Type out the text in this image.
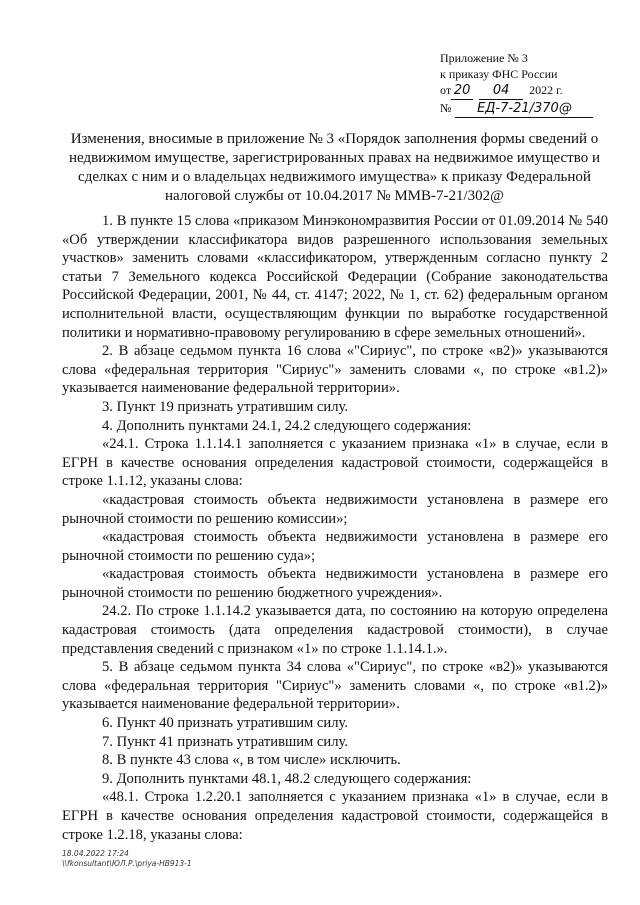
Приложение № 3
к приказу ФНС России
от 20 04 2022 г.
№ ЕД-7-21/370@
Изменения, вносимые в приложение № 3 «Порядок заполнения формы сведений о недвижимом имуществе, зарегистрированных правах на недвижимое имущество и сделках с ним и о владельцах недвижимого имущества» к приказу Федеральной налоговой службы от 10.04.2017 № ММВ-7-21/302@

1. В пункте 15 слова «приказом Минэкономразвития России от 01.09.2014 № 540 «Об утверждении классификатора видов разрешенного использования земельных участков» заменить словами «классификатором, утвержденным согласно пункту 2 статьи 7 Земельного кодекса Российской Федерации (Собрание законодательства Российской Федерации, 2001, № 44, ст. 4147; 2022, № 1, ст. 62) федеральным органом исполнительной власти, осуществляющим функции по выработке государственной политики и нормативно-правовому регулированию в сфере земельных отношений».

2. В абзаце седьмом пункта 16 слова «"Сириус", по строке «в2)» указываются слова «федеральная территория "Сириус"» заменить словами «, по строке «в1.2)» указывается наименование федеральной территории».

3. Пункт 19 признать утратившим силу.

4. Дополнить пунктами 24.1, 24.2 следующего содержания:

«24.1. Строка 1.1.14.1 заполняется с указанием признака «1» в случае, если в ЕГРН в качестве основания определения кадастровой стоимости, содержащейся в строке 1.1.12, указаны слова:

«кадастровая стоимость объекта недвижимости установлена в размере его рыночной стоимости по решению комиссии»;

«кадастровая стоимость объекта недвижимости установлена в размере его рыночной стоимости по решению суда»;

«кадастровая стоимость объекта недвижимости установлена в размере его рыночной стоимости по решению бюджетного учреждения».

24.2. По строке 1.1.14.2 указывается дата, по состоянию на которую определена кадастровая стоимость (дата определения кадастровой стоимости), в случае представления сведений с признаком «1» по строке 1.1.14.1.».

5. В абзаце седьмом пункта 34 слова «"Сириус", по строке «в2)» указываются слова «федеральная территория "Сириус"» заменить словами «, по строке «в1.2)» указывается наименование федеральной территории».

6. Пункт 40 признать утратившим силу.

7. Пункт 41 признать утратившим силу.

8. В пункте 43 слова «, в том числе» исключить.

9. Дополнить пунктами 48.1, 48.2 следующего содержания:

«48.1. Строка 1.2.20.1 заполняется с указанием признака «1» в случае, если в ЕГРН в качестве основания определения кадастровой стоимости, содержащейся в строке 1.2.18, указаны слова:

18.04.2022 17:24
\\fkonsultant\ЮЛ.Р.\priya-HB913-1
